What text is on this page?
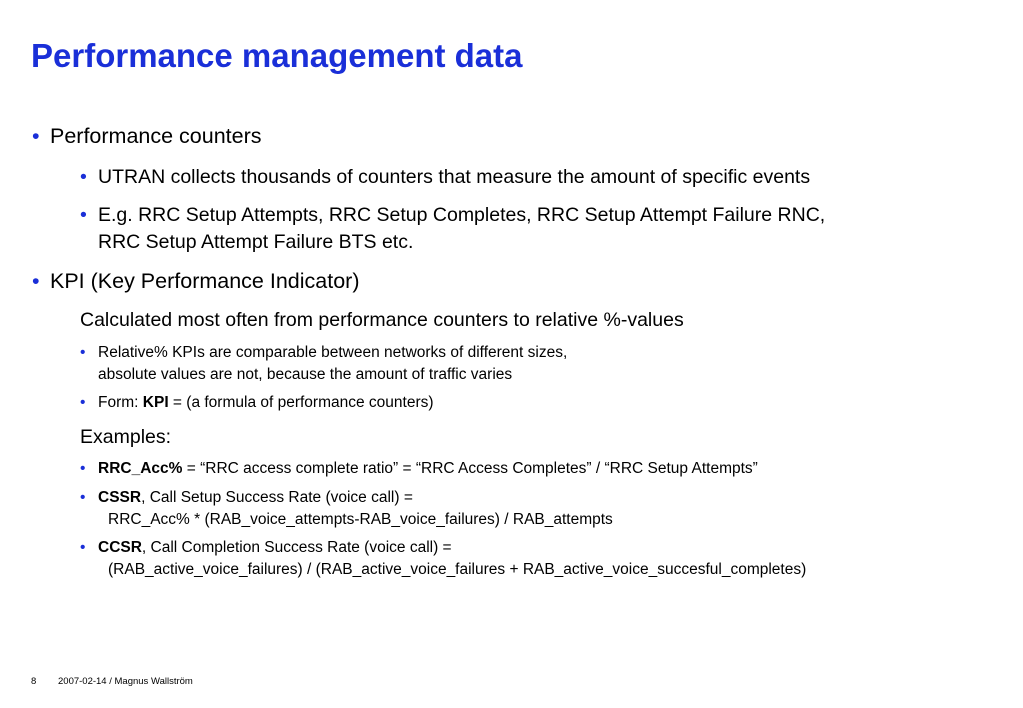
Performance management data
• Performance counters
• UTRAN collects thousands of counters that measure the amount of specific events
• E.g. RRC Setup Attempts, RRC Setup Completes, RRC Setup Attempt Failure RNC,
RRC Setup Attempt Failure BTS etc.
• KPI (Key Performance Indicator)
Calculated most often from performance counters to relative %-values
• Relative% KPIs are comparable between networks of different sizes,
absolute values are not, because the amount of traffic varies
• Form: KPI = (a formula of performance counters)
Examples:
• RRC_Acc% = “RRC access complete ratio” = “RRC Access Completes” / “RRC Setup Attempts”
• CSSR, Call Setup Success Rate (voice call) =
RRC_Acc% * (RAB_voice_attempts-RAB_voice_failures) / RAB_attempts
• CCSR, Call Completion Success Rate (voice call) =
(RAB_active_voice_failures) / (RAB_active_voice_failures + RAB_active_voice_succesful_completes)
8 2007-02-14 / Magnus Wallström
